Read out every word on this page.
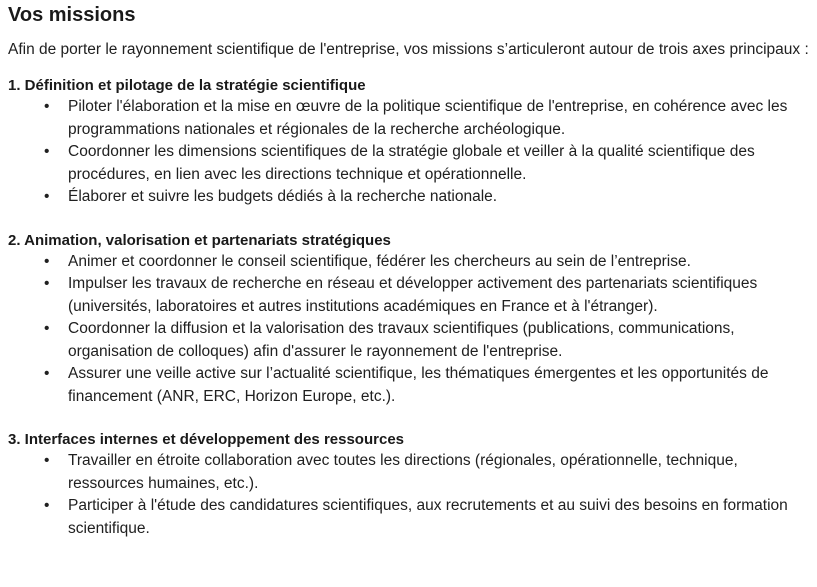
Vos missions

Afin de porter le rayonnement scientifique de l'entreprise, vos missions s’articuleront autour de trois axes principaux :

1. Définition et pilotage de la stratégie scientifique
• Piloter l'élaboration et la mise en œuvre de la politique scientifique de l'entreprise, en cohérence avec les programmations nationales et régionales de la recherche archéologique.
• Coordonner les dimensions scientifiques de la stratégie globale et veiller à la qualité scientifique des procédures, en lien avec les directions technique et opérationnelle.
• Élaborer et suivre les budgets dédiés à la recherche nationale.
2. Animation, valorisation et partenariats stratégiques
• Animer et coordonner le conseil scientifique, fédérer les chercheurs au sein de l’entreprise.
• Impulser les travaux de recherche en réseau et développer activement des partenariats scientifiques (universités, laboratoires et autres institutions académiques en France et à l'étranger).
• Coordonner la diffusion et la valorisation des travaux scientifiques (publications, communications, organisation de colloques) afin d'assurer le rayonnement de l'entreprise.
• Assurer une veille active sur l’actualité scientifique, les thématiques émergentes et les opportunités de financement (ANR, ERC, Horizon Europe, etc.).
3. Interfaces internes et développement des ressources
• Travailler en étroite collaboration avec toutes les directions (régionales, opérationnelle, technique, ressources humaines, etc.).
• Participer à l'étude des candidatures scientifiques, aux recrutements et au suivi des besoins en formation scientifique.
